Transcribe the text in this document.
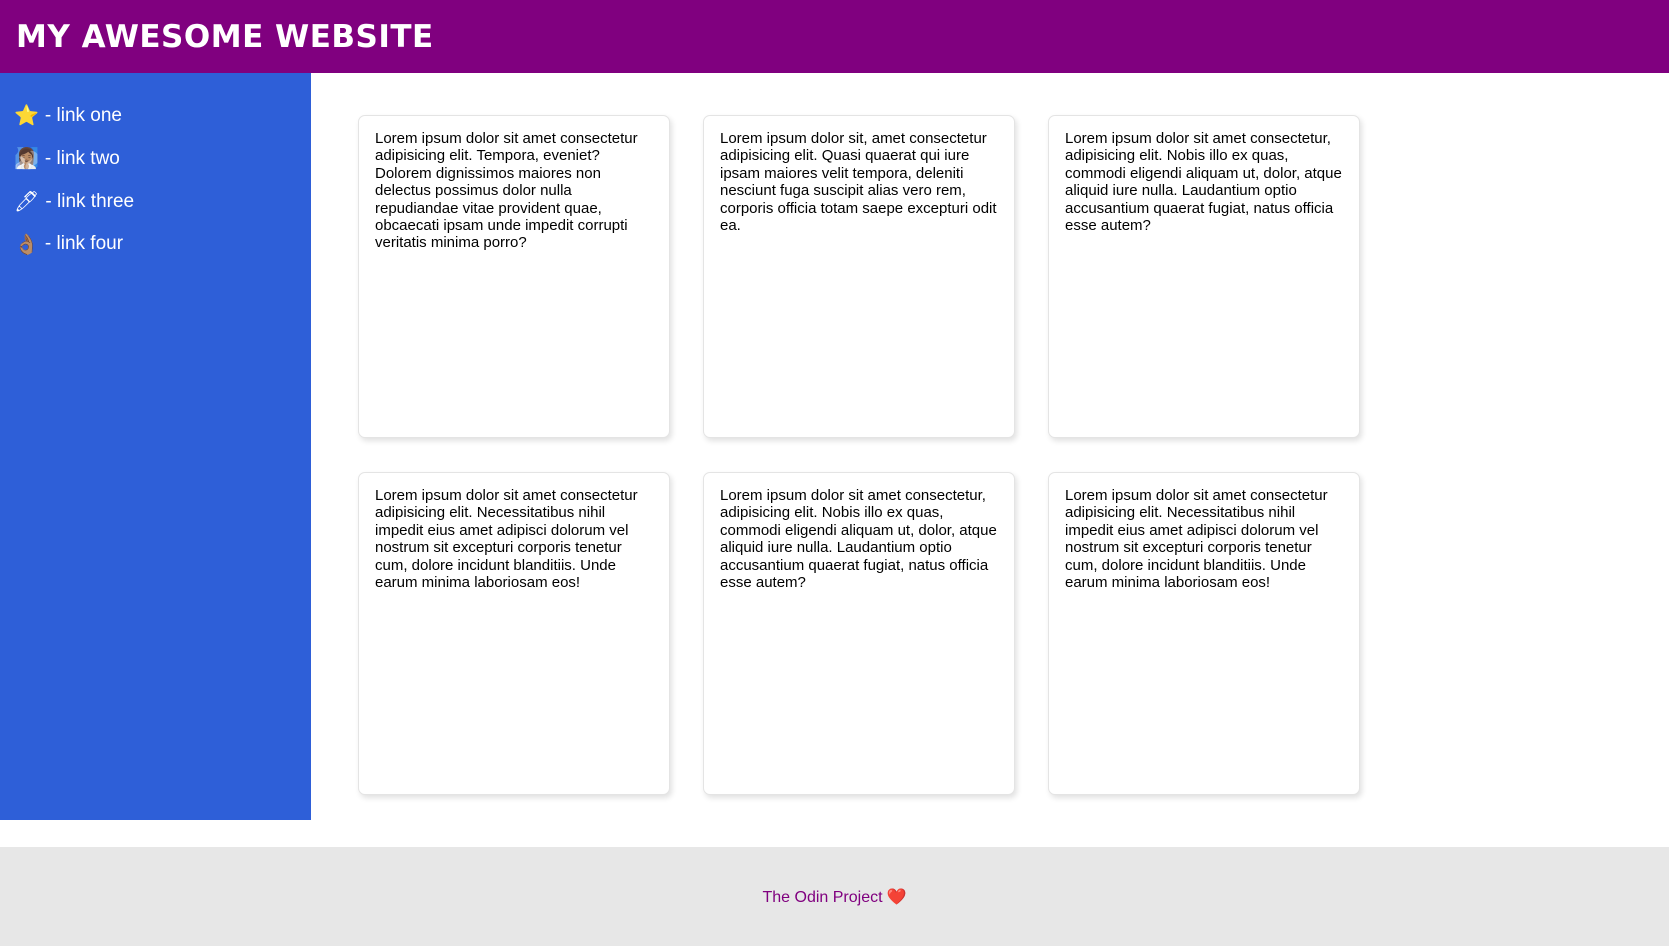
MY AWESOME WEBSITE
⭐ - link one
🧖🏽‍♀️ - link two
🖊 - link three
👌🏽 - link four

Lorem ipsum dolor sit amet consectetur adipisicing elit. Tempora, eveniet? Dolorem dignissimos maiores non delectus possimus dolor nulla repudiandae vitae provident quae, obcaecati ipsam unde impedit corrupti veritatis minima porro?

Lorem ipsum dolor sit, amet consectetur adipisicing elit. Quasi quaerat qui iure ipsam maiores velit tempora, deleniti nesciunt fuga suscipit alias vero rem, corporis officia totam saepe excepturi odit ea.

Lorem ipsum dolor sit amet consectetur, adipisicing elit. Nobis illo ex quas, commodi eligendi aliquam ut, dolor, atque aliquid iure nulla. Laudantium optio accusantium quaerat fugiat, natus officia esse autem?

Lorem ipsum dolor sit amet consectetur adipisicing elit. Necessitatibus nihil impedit eius amet adipisci dolorum vel nostrum sit excepturi corporis tenetur cum, dolore incidunt blanditiis. Unde earum minima laboriosam eos!

Lorem ipsum dolor sit amet consectetur, adipisicing elit. Nobis illo ex quas, commodi eligendi aliquam ut, dolor, atque aliquid iure nulla. Laudantium optio accusantium quaerat fugiat, natus officia esse autem?

Lorem ipsum dolor sit amet consectetur adipisicing elit. Necessitatibus nihil impedit eius amet adipisci dolorum vel nostrum sit excepturi corporis tenetur cum, dolore incidunt blanditiis. Unde earum minima laboriosam eos!

The Odin Project ❤️
